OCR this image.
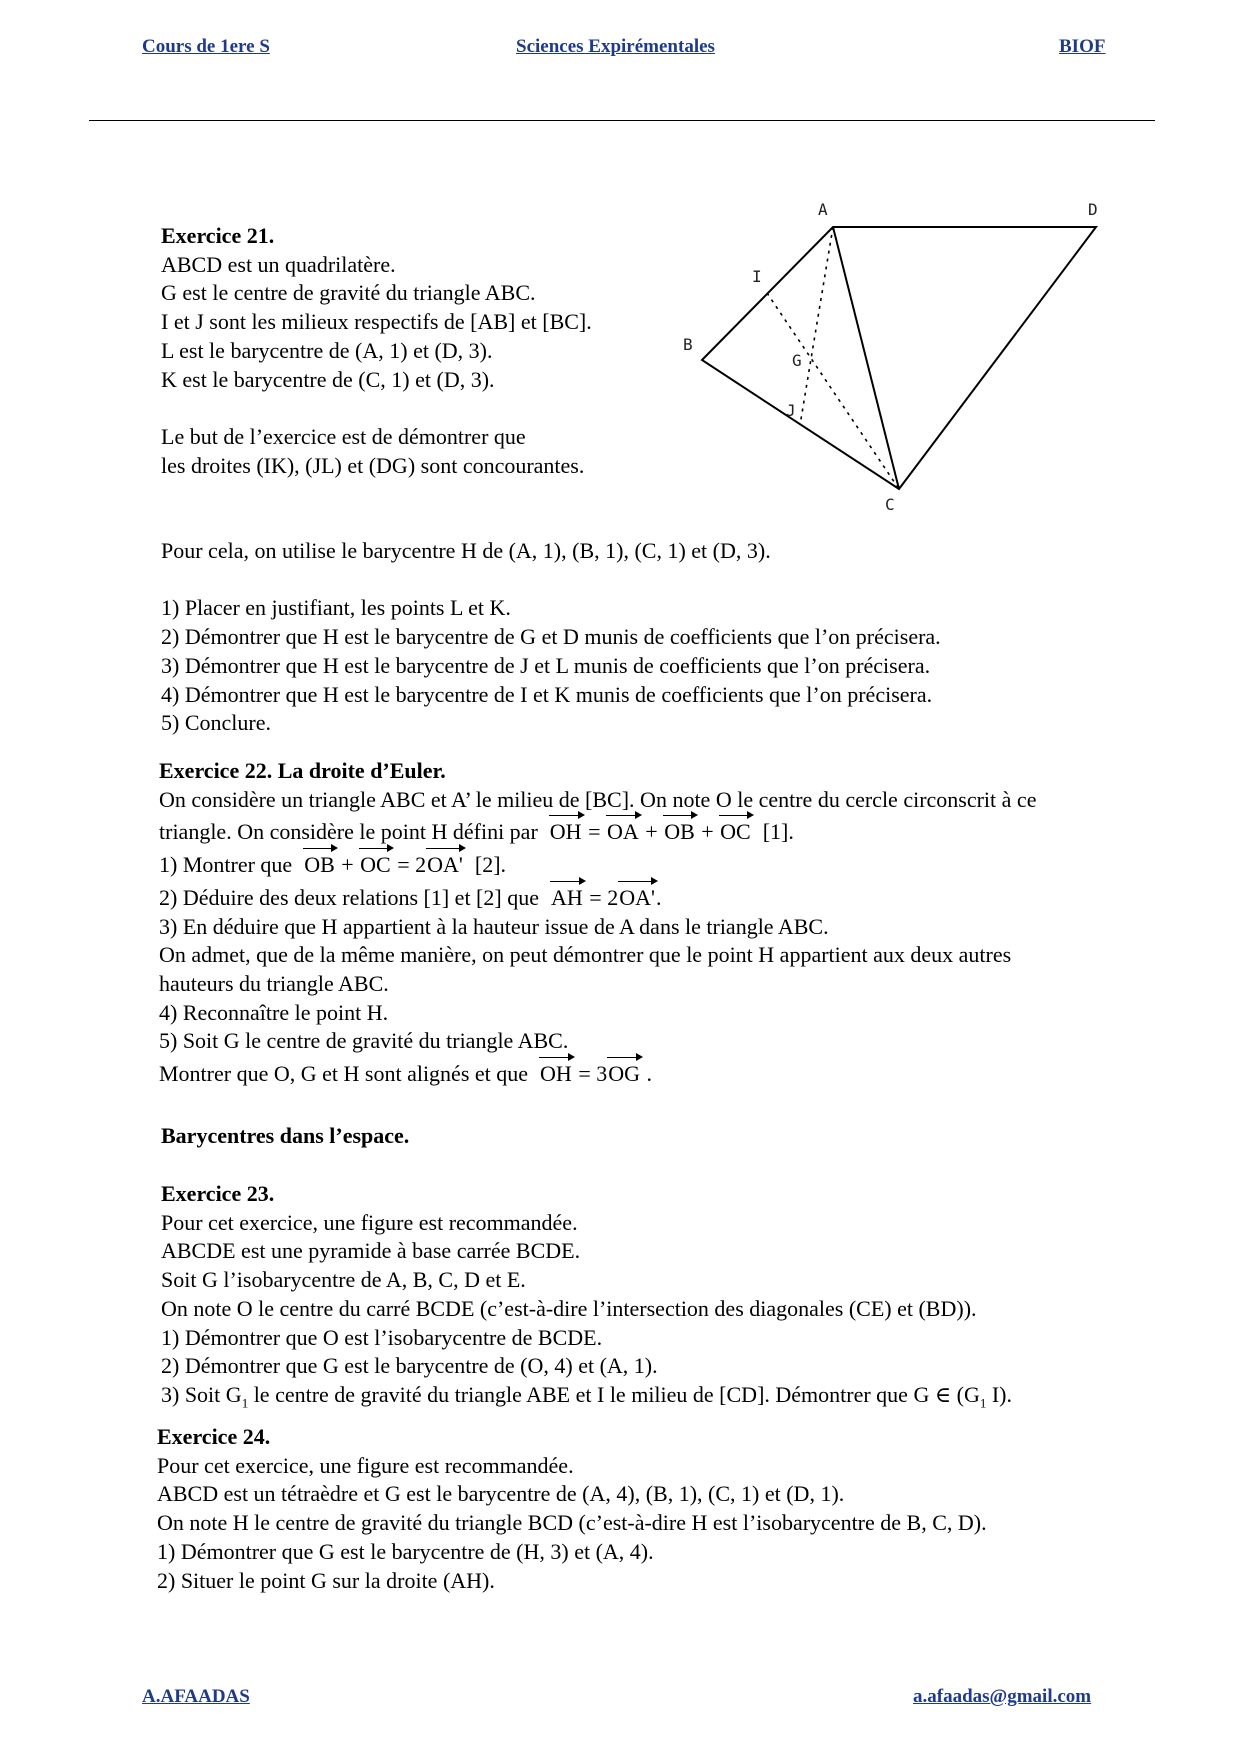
Cours de 1ere S	Sciences Expirémentales	BIOF
Exercice 21.
ABCD est un quadrilatère.
G est le centre de gravité du triangle ABC.
I et J sont les milieux respectifs de [AB] et [BC].
L est le barycentre de (A, 1) et (D, 3).
K est le barycentre de (C, 1) et (D, 3).
Le but de l’exercice est de démontrer que
les droites (IK), (JL) et (DG) sont concourantes.
A	D
B
C
G
I
J
Pour cela, on utilise le barycentre H de (A, 1), (B, 1), (C, 1) et (D, 3).
1) Placer en justifiant, les points L et K.
2) Démontrer que H est le barycentre de G et D munis de coefficients que l’on précisera.
3) Démontrer que H est le barycentre de J et L munis de coefficients que l’on précisera.
4) Démontrer que H est le barycentre de I et K munis de coefficients que l’on précisera.
5) Conclure.
Exercice 22. La droite d’Euler.
On considère un triangle ABC et A’ le milieu de [BC]. On note O le centre du cercle circonscrit à ce
triangle. On considère le point H défini par OH = OA + OB + OC [1].
1) Montrer que OB + OC = 2OA' [2].
2) Déduire des deux relations [1] et [2] que AH = 2OA'.
3) En déduire que H appartient à la hauteur issue de A dans le triangle ABC.
On admet, que de la même manière, on peut démontrer que le point H appartient aux deux autres
hauteurs du triangle ABC.
4) Reconnaître le point H.
5) Soit G le centre de gravité du triangle ABC.
Montrer que O, G et H sont alignés et que OH = 3OG .
Barycentres dans l’espace.
Exercice 23.
Pour cet exercice, une figure est recommandée.
ABCDE est une pyramide à base carrée BCDE.
Soit G l’isobarycentre de A, B, C, D et E.
On note O le centre du carré BCDE (c’est-à-dire l’intersection des diagonales (CE) et (BD)).
1) Démontrer que O est l’isobarycentre de BCDE.
2) Démontrer que G est le barycentre de (O, 4) et (A, 1).
3) Soit $G_1$ le centre de gravité du triangle ABE et I le milieu de [CD]. Démontrer que G ∈ ($G_1$ I).
Exercice 24.
Pour cet exercice, une figure est recommandée.
ABCD est un tétraèdre et G est le barycentre de (A, 4), (B, 1), (C, 1) et (D, 1).
On note H le centre de gravité du triangle BCD (c’est-à-dire H est l’isobarycentre de B, C, D).
1) Démontrer que G est le barycentre de (H, 3) et (A, 4).
2) Situer le point G sur la droite (AH).
A.AFAADAS	a.afaadas@gmail.com
